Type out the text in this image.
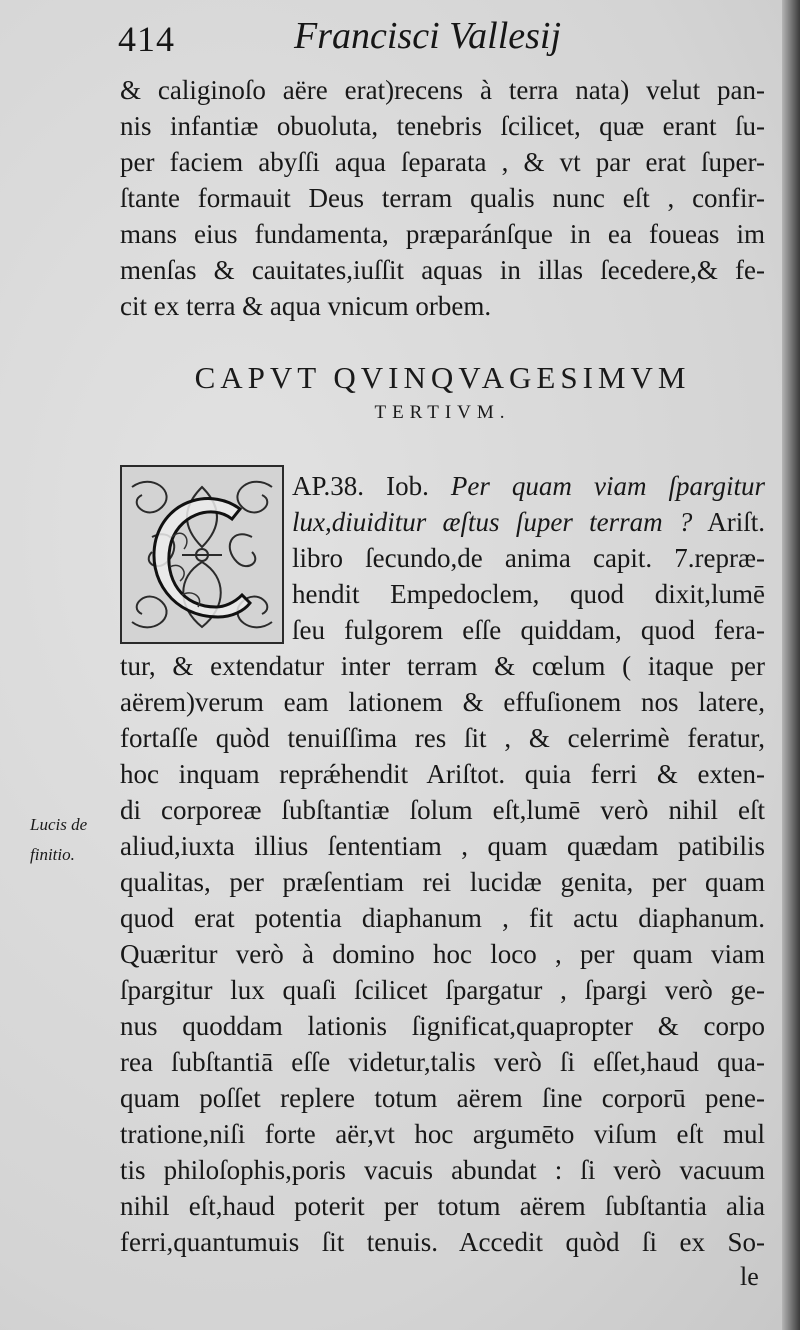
414	Francisci Vallesij
& caliginoſo aëre erat)recens à terra nata) velut pan-
nis infantiæ obuoluta, tenebris ſcilicet, quæ erant ſu-
per faciem abyſſi aqua ſeparata , & vt par erat ſuper-
ſtante formauit Deus terram qualis nunc eſt , confir-
mans eius fundamenta, præparánſque in ea foueas im
menſas & cauitates,iuſſit aquas in illas ſecedere,& fe-
cit ex terra & aqua vnicum orbem.
CAPVT QVINQVAGESIMVM
TERTIVM.
AP.38. Iob. Per quam viam ſpargitur
lux,diuiditur æſtus ſuper terram ? Ariſt.
libro ſecundo,de anima capit. 7.repræ-
hendit Empedoclem, quod dixit,lumē
ſeu fulgorem eſſe quiddam, quod fera-
tur, & extendatur inter terram & cœlum ( itaque per
aërem)verum eam lationem & effuſionem nos latere,
fortaſſe quòd tenuiſſima res ſit , & celerrimè feratur,
hoc inquam reprǽhendit Ariſtot. quia ferri & exten-
di corporeæ ſubſtantiæ ſolum eſt,lumē verò nihil eſt
aliud,iuxta illius ſententiam , quam quædam patibilis
qualitas, per præſentiam rei lucidæ genita, per quam
quod erat potentia diaphanum , fit actu diaphanum.
Quæritur verò à domino hoc loco , per quam viam
ſpargitur lux quaſi ſcilicet ſpargatur , ſpargi verò ge-
nus quoddam lationis ſignificat,quapropter & corpo
rea ſubſtantiā eſſe videtur,talis verò ſi eſſet,haud qua-
quam poſſet replere totum aërem ſine corporū pene-
tratione,niſi forte aër,vt hoc argumēto viſum eſt mul
tis philoſophis,poris vacuis abundat : ſi verò vacuum
nihil eſt,haud poterit per totum aërem ſubſtantia alia
ferri,quantumuis ſit tenuis. Accedit quòd ſi ex So-
Lucis de
finitio.
le
